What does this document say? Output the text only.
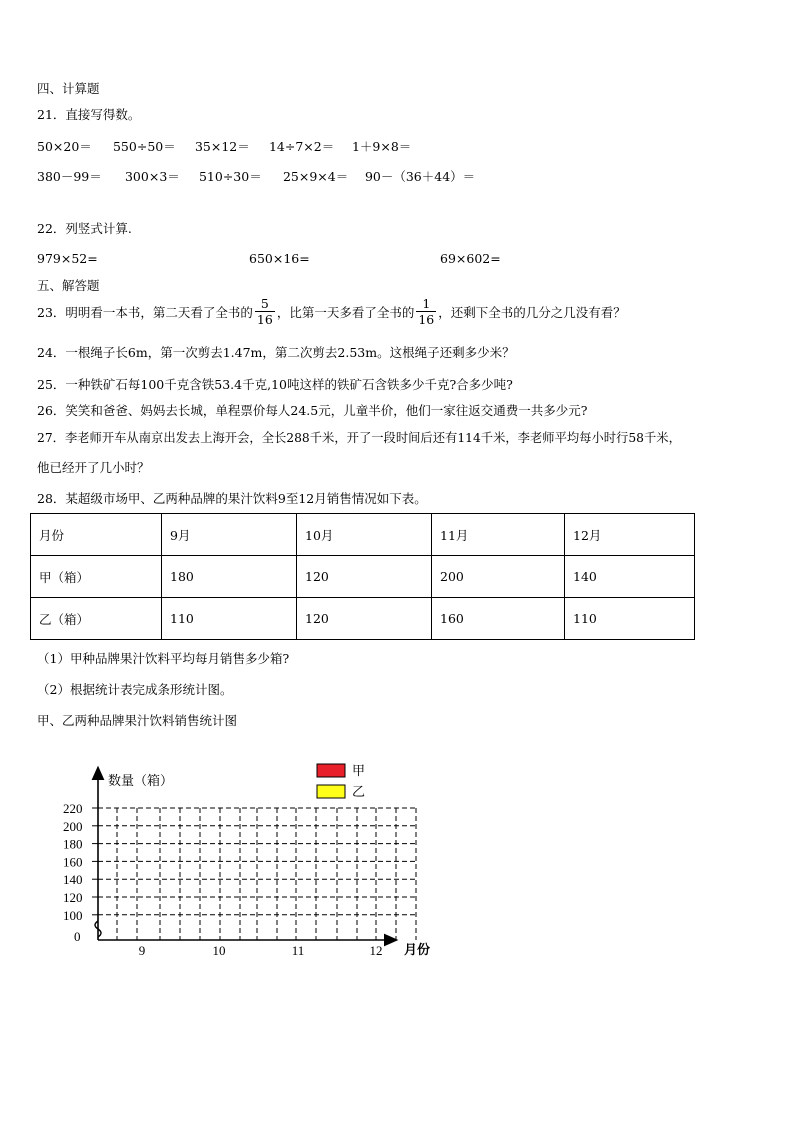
四、计算题
21．直接写得数。
50×20＝ 550÷50＝ 35×12＝ 14÷7×2＝ 1＋9×8＝
380－99＝ 300×3＝ 510÷30＝ 25×9×4＝ 90－（36＋44）＝
22．列竖式计算.
979×52=	650×16=	69×602=
五、解答题
23．明明看一本书，第二天看了全书的 $\frac{5}{16}$ ，比第一天多看了全书的 $\frac{1}{16}$ ，还剩下全书的几分之几没有看？
24．一根绳子长6m，第一次剪去1.47m，第二次剪去2.53m。这根绳子还剩多少米？
25．一种铁矿石每100千克含铁53.4千克,10吨这样的铁矿石含铁多少千克?合多少吨?
26．笑笑和爸爸、妈妈去长城，单程票价每人24.5元，儿童半价，他们一家往返交通费一共多少元?
27．李老师开车从南京出发去上海开会，全长288千米，开了一段时间后还有114千米，李老师平均每小时行58千米，
他已经开了几小时？
28．某超级市场甲、乙两种品牌的果汁饮料9至12月销售情况如下表。
月份	9月	10月	11月	12月
甲（箱）	180	120	200	140
乙（箱）	110	120	160	110
（1）甲种品牌果汁饮料平均每月销售多少箱?
（2）根据统计表完成条形统计图。
甲、乙两种品牌果汁饮料销售统计图
220
200
180
160
140
120
100
0
9	10	11	12
数量（箱）
月份
甲
乙
